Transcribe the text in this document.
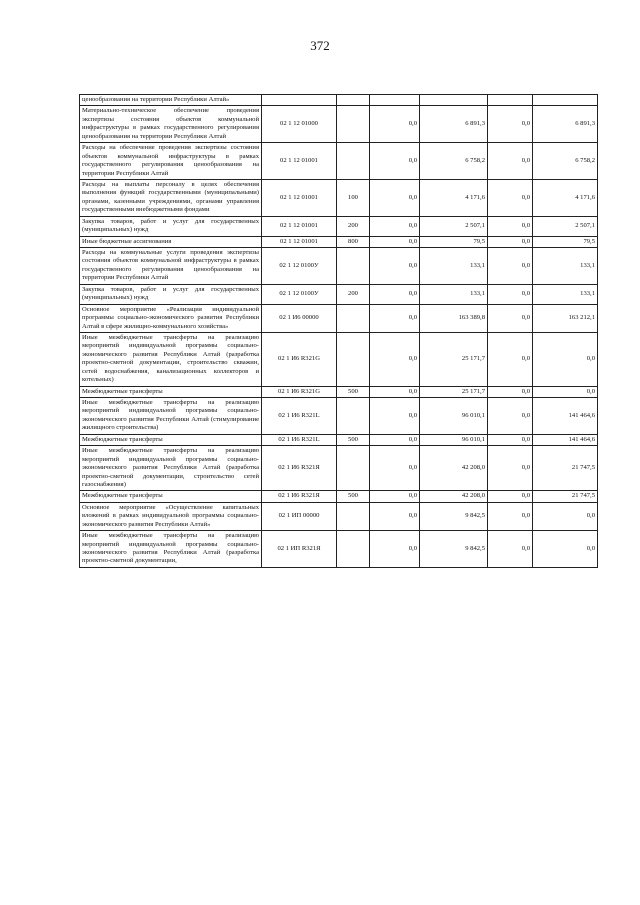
372
ценообразования на территории Республики Алтай»						
Материально-техническое обеспечение проведения экспертизы состояния объектов коммунальной инфраструктуры в рамках государственного регулирования ценообразования на территории Республики Алтай	02 1 12 01000		0,0	6 891,3	0,0	6 891,3
Расходы на обеспечение проведения экспертизы состояния объектов коммунальной инфраструктуры в рамках государственного регулирования ценообразования на территории Республики Алтай	02 1 12 01001		0,0	6 758,2	0,0	6 758,2
Расходы на выплаты персоналу в целях обеспечения выполнения функций государственными (муниципальными) органами, казенными учреждениями, органами управления государственными внебюджетными фондами	02 1 12 01001	100	0,0	4 171,6	0,0	4 171,6
Закупка товаров, работ и услуг для государственных (муниципальных) нужд	02 1 12 01001	200	0,0	2 507,1	0,0	2 507,1
Иные бюджетные ассигнования	02 1 12 01001	800	0,0	79,5	0,0	79,5
Расходы на коммунальные услуги проведения экспертизы состояния объектов коммунальной инфраструктуры в рамках государственного регулирования ценообразования на территории Республики Алтай	02 1 12 0100У		0,0	133,1	0,0	133,1
Закупка товаров, работ и услуг для государственных (муниципальных) нужд	02 1 12 0100У	200	0,0	133,1	0,0	133,1
Основное мероприятие «Реализация индивидуальной программы социально-экономического развития Республики Алтай в сфере жилищно-коммунального хозяйства»	02 1 И6 00000		0,0	163 389,8	0,0	163 212,1
Иные межбюджетные трансферты на реализацию мероприятий индивидуальной программы социально-экономического развития Республики Алтай (разработка проектно-сметной документации, строительство скважин, сетей водоснабжения, канализационных коллекторов и котельных)	02 1 И6 R321G		0,0	25 171,7	0,0	0,0
Межбюджетные трансферты	02 1 И6 R321G	500	0,0	25 171,7	0,0	0,0
Иные межбюджетные трансферты на реализацию мероприятий индивидуальной программы социально-экономического развития Республики Алтай (стимулирование жилищного строительства)	02 1 И6 R321L		0,0	96 010,1	0,0	141 464,6
Межбюджетные трансферты	02 1 И6 R321L	500	0,0	96 010,1	0,0	141 464,6
Иные межбюджетные трансферты на реализацию мероприятий индивидуальной программы социально-экономического развития Республики Алтай (разработка проектно-сметной документации, строительство сетей газоснабжения)	02 1 И6 R321Я		0,0	42 208,0	0,0	21 747,5
Межбюджетные трансферты	02 1 И6 R321Я	500	0,0	42 208,0	0,0	21 747,5
Основное мероприятие «Осуществление капитальных вложений в рамках индивидуальной программы социально-экономического развития Республики Алтай»	02 1 ИП 00000		0,0	9 842,5	0,0	0,0
Иные межбюджетные трансферты на реализацию мероприятий индивидуальной программы социально-экономического развития Республики Алтай (разработка проектно-сметной документации,	02 1 ИП R321Я		0,0	9 842,5	0,0	0,0
